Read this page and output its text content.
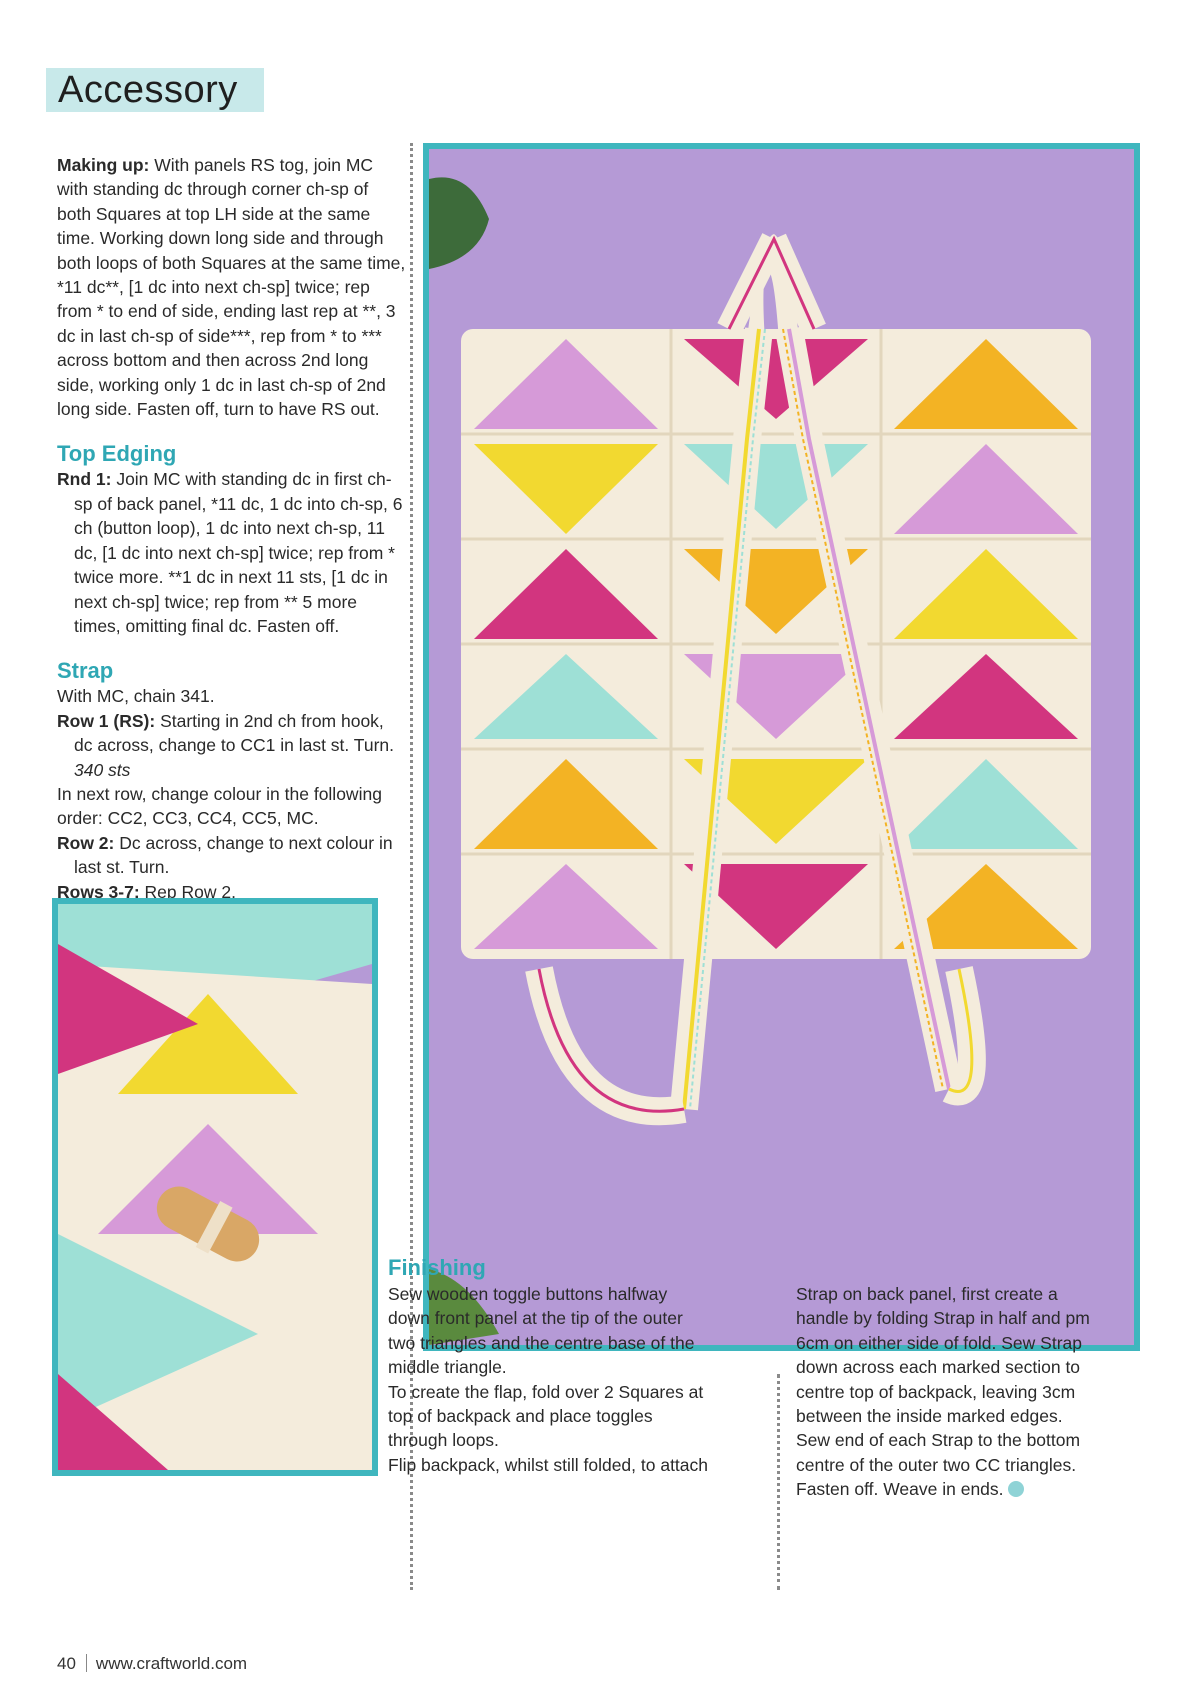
Accessory

Making up: With panels RS tog, join MC with standing dc through corner ch-sp of both Squares at top LH side at the same time. Working down long side and through both loops of both Squares at the same time, *11 dc**, [1 dc into next ch-sp] twice; rep from * to end of side, ending last rep at **, 3 dc in last ch-sp of side***, rep from * to *** across bottom and then across 2nd long side, working only 1 dc in last ch-sp of 2nd long side. Fasten off, turn to have RS out.

Top Edging

Rnd 1: Join MC with standing dc in first ch-sp of back panel, *11 dc, 1 dc into ch-sp, 6 ch (button loop), 1 dc into next ch-sp, 11 dc, [1 dc into next ch-sp] twice; rep from * twice more. **1 dc in next 11 sts, [1 dc in next ch-sp] twice; rep from ** 5 more times, omitting final dc. Fasten off.

Strap

With MC, chain 341.

Row 1 (RS): Starting in 2nd ch from hook, dc across, change to CC1 in last st. Turn.

340 sts

In next row, change colour in the following order: CC2, CC3, CC4, CC5, MC.

Row 2: Dc across, change to next colour in last st. Turn.

Rows 3-7: Rep Row 2.

Finishing

Sew wooden toggle buttons halfway down front panel at the tip of the outer two triangles and the centre base of the middle triangle.

To create the flap, fold over 2 Squares at top of backpack and place toggles through loops.

Flip backpack, whilst still folded, to attach

Strap on back panel, first create a handle by folding Strap in half and pm 6cm on either side of fold. Sew Strap down across each marked section to centre top of backpack, leaving 3cm between the inside marked edges. Sew end of each Strap to the bottom centre of the outer two CC triangles. Fasten off. Weave in ends.

40 www.craftworld.com
